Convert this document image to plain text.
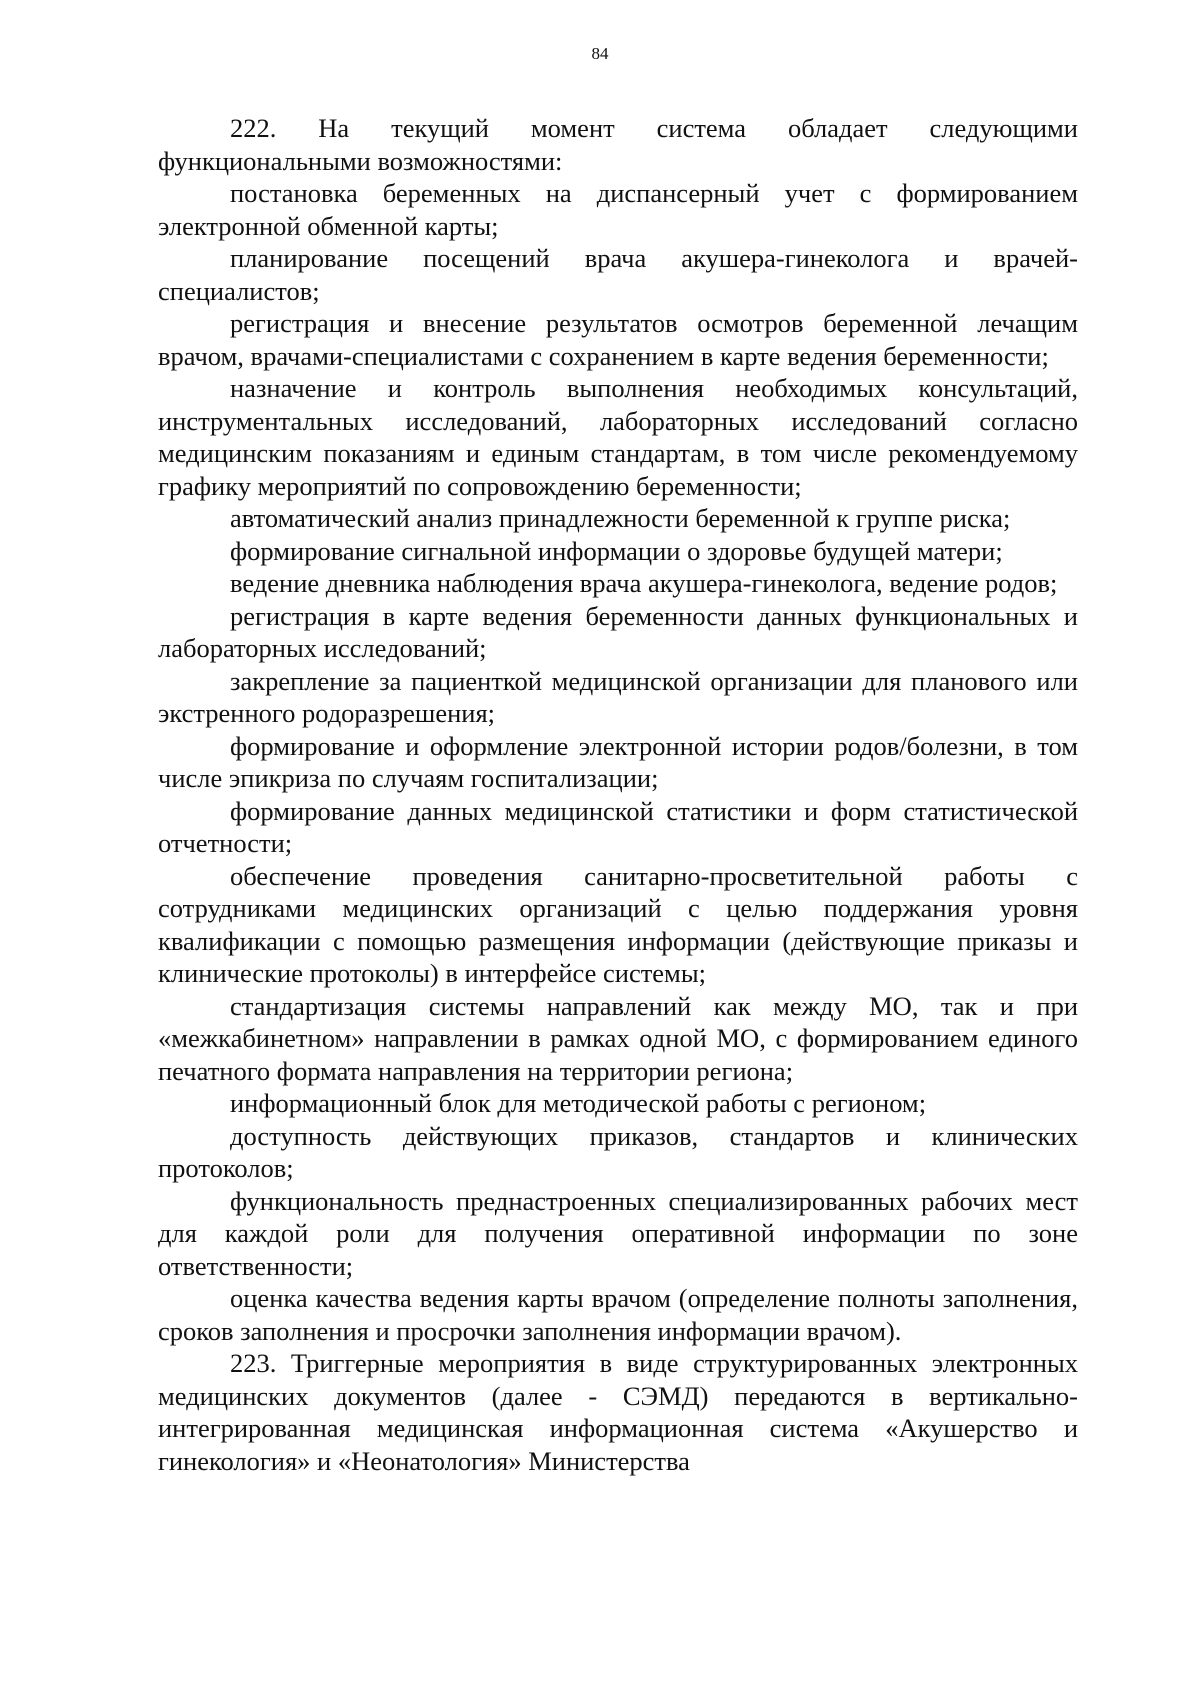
84

222. На текущий момент система обладает следующими функциональными возможностями:

постановка беременных на диспансерный учет с формированием электронной обменной карты;

планирование посещений врача акушера-гинеколога и врачей-специалистов;

регистрация и внесение результатов осмотров беременной лечащим врачом, врачами-специалистами с сохранением в карте ведения беременности;

назначение и контроль выполнения необходимых консультаций, инструментальных исследований, лабораторных исследований согласно медицинским показаниям и единым стандартам, в том числе рекомендуемому графику мероприятий по сопровождению беременности;

автоматический анализ принадлежности беременной к группе риска;

формирование сигнальной информации о здоровье будущей матери;

ведение дневника наблюдения врача акушера-гинеколога, ведение родов;

регистрация в карте ведения беременности данных функциональных и лабораторных исследований;

закрепление за пациенткой медицинской организации для планового или экстренного родоразрешения;

формирование и оформление электронной истории родов/болезни, в том числе эпикриза по случаям госпитализации;

формирование данных медицинской статистики и форм статистической отчетности;

обеспечение проведения санитарно-просветительной работы с сотрудниками медицинских организаций с целью поддержания уровня квалификации с помощью размещения информации (действующие приказы и клинические протоколы) в интерфейсе системы;

стандартизация системы направлений как между МО, так и при «межкабинетном» направлении в рамках одной МО, с формированием единого печатного формата направления на территории региона;

информационный блок для методической работы с регионом;

доступность действующих приказов, стандартов и клинических протоколов;

функциональность преднастроенных специализированных рабочих мест для каждой роли для получения оперативной информации по зоне ответственности;

оценка качества ведения карты врачом (определение полноты заполнения, сроков заполнения и просрочки заполнения информации врачом).

223. Триггерные мероприятия в виде структурированных электронных медицинских документов (далее - СЭМД) передаются в вертикально-интегрированная медицинская информационная система «Акушерство и гинекология» и «Неонатология» Министерства
